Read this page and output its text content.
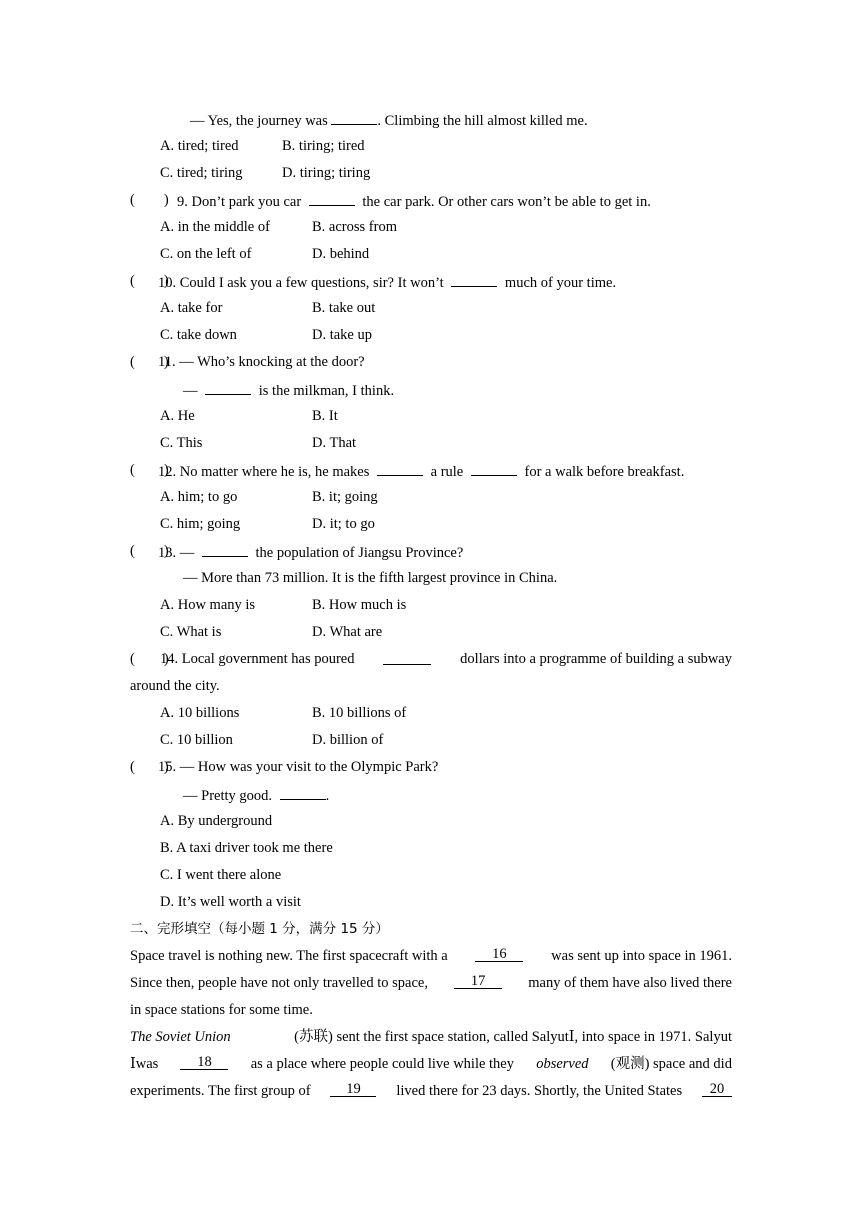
— Yes, the journey was	. Climbing the hill almost killed me.
A. tired; tired	B. tiring; tired
C. tired; tiring	D. tiring; tiring
(　　) 9. Don’t park you car	the car park. Or other cars won’t be able to get in.
A. in the middle of	B. across from
C. on the left of	D. behind
(　　)
10. Could I ask you a few questions, sir? It won’t	much of your time.
A. take for	B. take out
C. take down	D. take up
(　　)
11. — Who’s knocking at the door?
—	is the milkman, I think.
A. He	B. It
C. This	D. That
(　　)
12. No matter where he is, he makes	a rule	for a walk before breakfast.
A. him; to go	B. it; going
C. him; going	D. it; to go
(　　)
13. —	the population of Jiangsu Province?
— More than 73 million. It is the fifth largest province in China.
A. How many is	B. How much is
C. What is	D. What are
(　　)
14. Local government has poured	dollars into a programme of building a subway
around the city.
A. 10 billions	B. 10 billions of
C. 10 billion	D. billion of
(　　)
15. — How was your visit to the Olympic Park?
— Pretty good.	.
A. By underground
B. A taxi driver took me there
C. I went there alone
D. It’s well worth a visit
二、完形填空（每小题 1 分，满分 15 分）
Space travel is nothing new. The first spacecraft with a	16	was sent up into space in 1961.
Since then, people have not only travelled to space,	17	many of them have also lived there
in space stations for some time.
The Soviet Union	(苏联) sent the first space station, called SalyutⅠ, into space in 1971. Salyut
Ⅰwas	18	as a place where people could live while they observed (观测) space and did
experiments. The first group of	19	lived there for 23 days. Shortly, the United States	20
